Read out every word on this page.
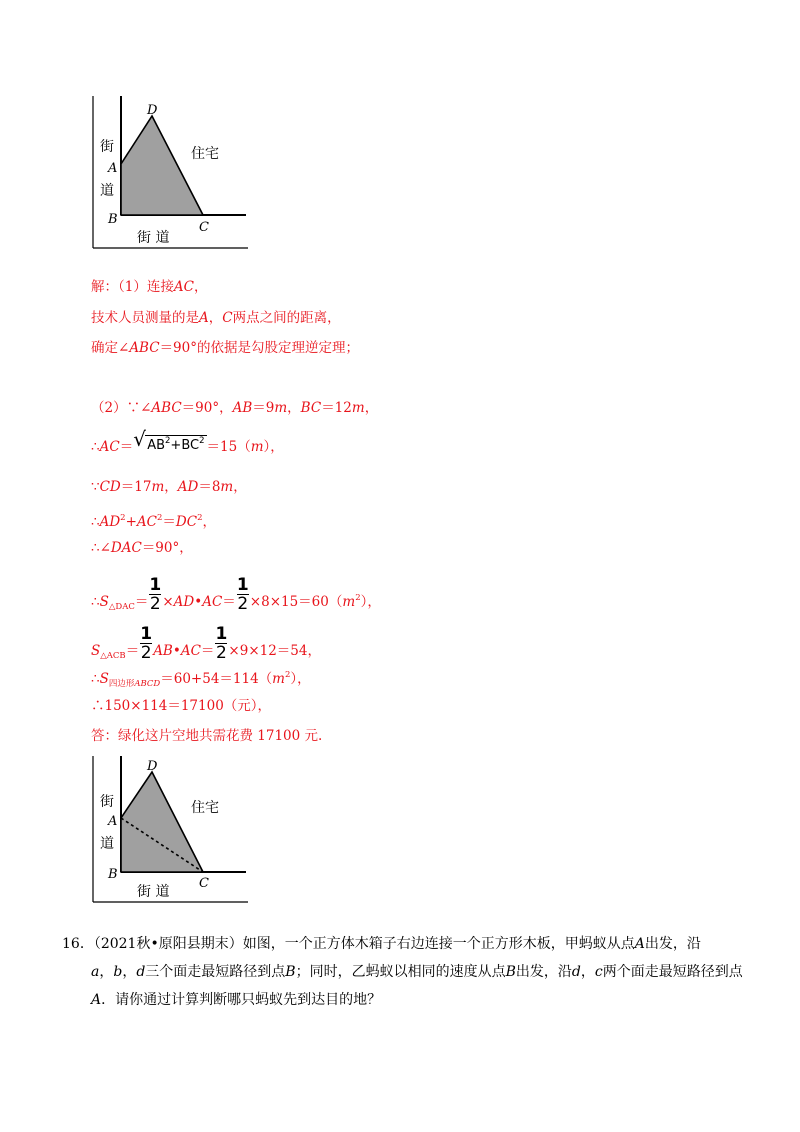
D
A
B
C
街
道
街 道
住宅
解：（1）连接AC，
技术人员测量的是A，C两点之间的距离，
确定∠ABC＝90°的依据是勾股定理逆定理；
（2）∵∠ABC＝90°，AB＝9m，BC＝12m，
∴AC＝ √ $AB^2+BC^2 =15(m)$，
∵CD＝17m，AD＝8m，
$\therefore AD^2+AC^2=DC^2$，
∴∠DAC＝90°，
$\therefore S_{\triangle DAC}= \frac{1}{2}$ ×AD•AC＝ $\frac{1}{2} \times 8\times 15=60(m^2)$，
$S_{\triangle ACB}= \frac{1}{2}$ AB•AC＝ $\frac{1}{2} \times 9\times 12=54$，
$\therefore S_{四边形ABCD}=60+54=114(m^2)$，
∴150×114＝17100（元），
答：绿化这片空地共需花费 17100 元.
D
A
B
C
街
道
街 道
住宅
16．（2021秋•原阳县期末）如图，一个正方体木箱子右边连接一个正方形木板，甲蚂蚁从点A出发，沿

a，b，d三个面走最短路径到点B；同时，乙蚂蚁以相同的速度从点B出发，沿d，c两个面走最短路径到点
A．请你通过计算判断哪只蚂蚁先到达目的地？
